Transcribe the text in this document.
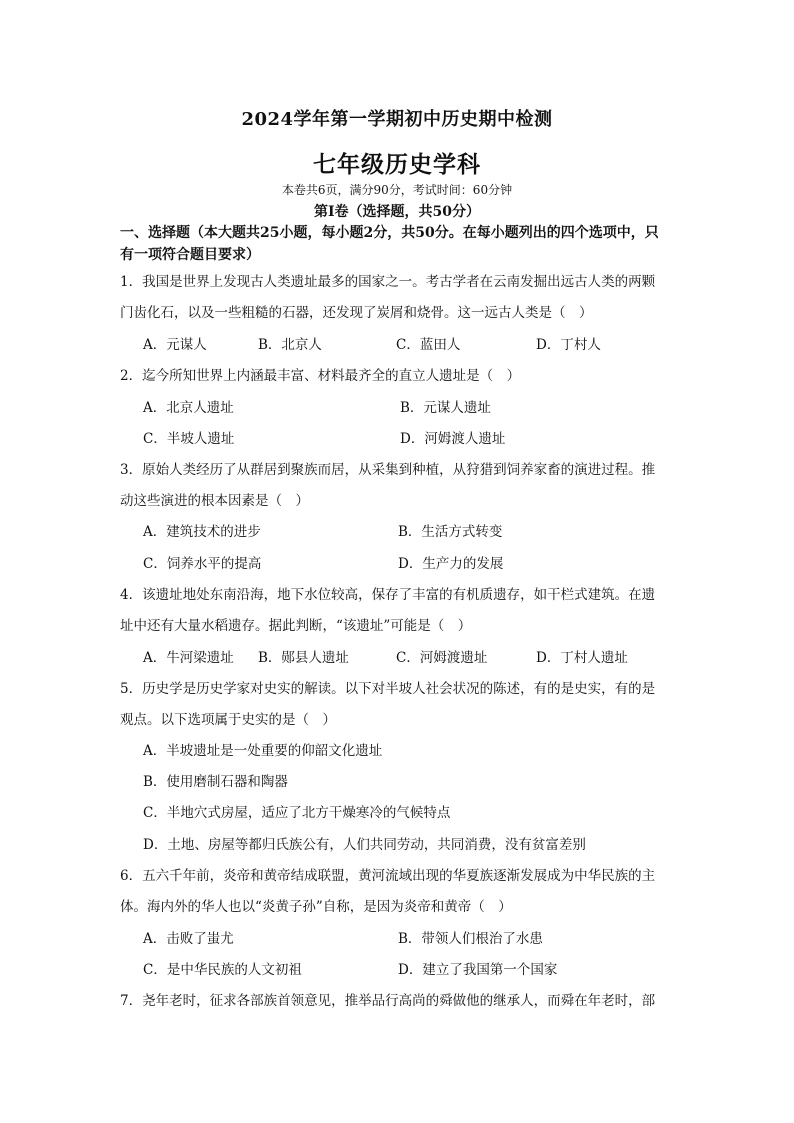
2024学年第一学期初中历史期中检测
七年级历史学科
本卷共6页，满分90分，考试时间：60分钟
第Ⅰ卷（选择题，共50分）
一、选择题（本大题共25小题，每小题2分，共50分。在每小题列出的四个选项中，只
有一项符合题目要求）
1．我国是世界上发现古人类遗址最多的国家之一。考古学者在云南发掘出远古人类的两颗
门齿化石，以及一些粗糙的石器，还发现了炭屑和烧骨。这一远古人类是（　）
A．元谋人	B．北京人	C．蓝田人	D．丁村人
2．迄今所知世界上内涵最丰富、材料最齐全的直立人遗址是（　）
A．北京人遗址	B．元谋人遗址
C．半坡人遗址	D．河姆渡人遗址
3．原始人类经历了从群居到聚族而居，从采集到种植，从狩猎到饲养家畜的演进过程。推
动这些演进的根本因素是（　）
A．建筑技术的进步	B．生活方式转变
C．饲养水平的提高	D．生产力的发展
4．该遗址地处东南沿海，地下水位较高，保存了丰富的有机质遗存，如干栏式建筑。在遗
址中还有大量水稻遗存。据此判断，“该遗址”可能是（　）
A．牛河梁遗址 B．郧县人遗址	C．河姆渡遗址	D．丁村人遗址
5．历史学是历史学家对史实的解读。以下对半坡人社会状况的陈述，有的是史实，有的是
观点。以下选项属于史实的是（　）
A．半坡遗址是一处重要的仰韶文化遗址
B．使用磨制石器和陶器
C．半地穴式房屋，适应了北方干燥寒冷的气候特点
D．土地、房屋等都归氏族公有，人们共同劳动，共同消费，没有贫富差别
6．五六千年前，炎帝和黄帝结成联盟，黄河流域出现的华夏族逐渐发展成为中华民族的主
体。海内外的华人也以“炎黄子孙”自称，是因为炎帝和黄帝（　）
A．击败了蚩尤	B．带领人们根治了水患
C．是中华民族的人文初祖	D．建立了我国第一个国家
7．尧年老时，征求各部族首领意见，推举品行高尚的舜做他的继承人，而舜在年老时，部
